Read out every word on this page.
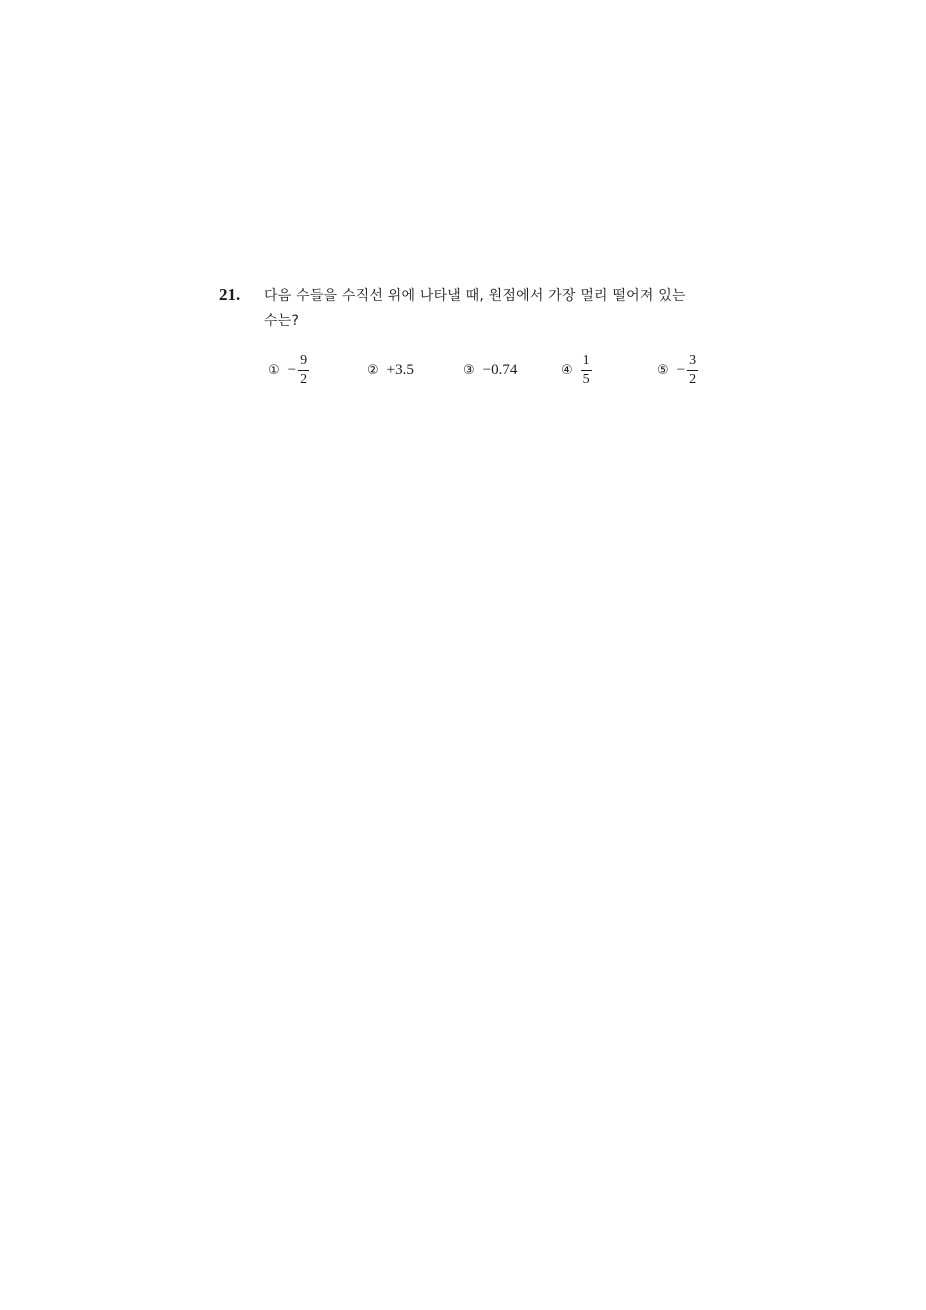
21. 다음 수들을 수직선 위에 나타낼 때, 원점에서 가장 멀리 떨어져 있는
수는?
① − $\frac{9}{2}$	② +3.5	③ −0.74	④ $\frac{1}{5}$	⑤ − $\frac{3}{2}$
